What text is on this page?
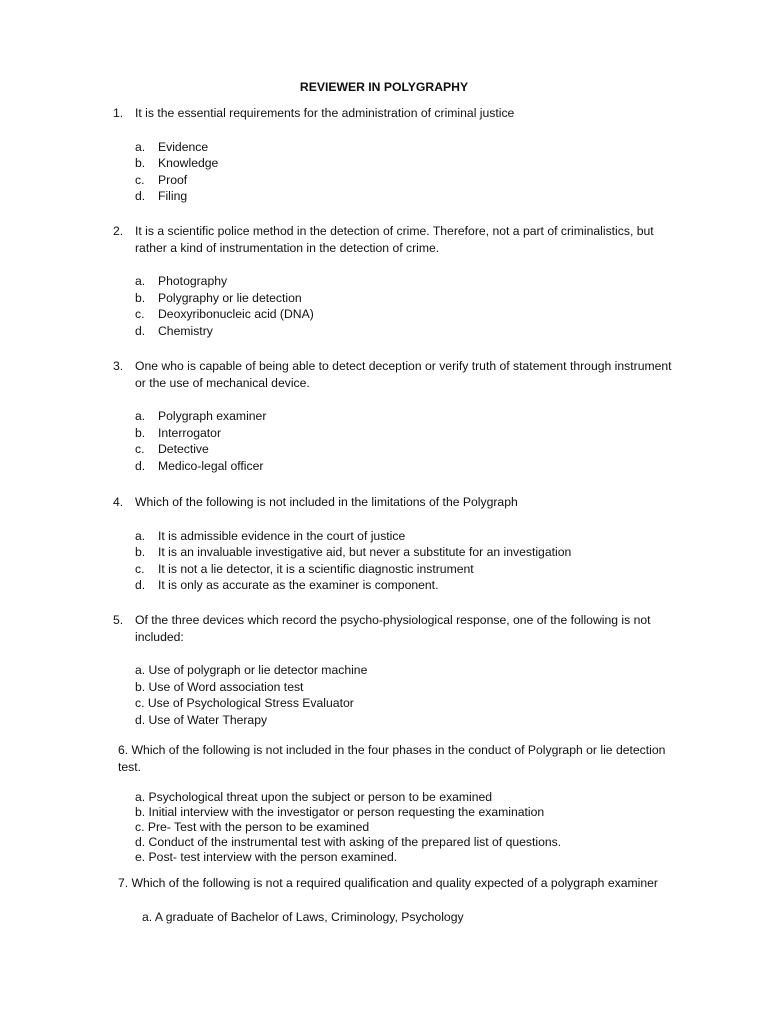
REVIEWER IN POLYGRAPHY
1. It is the essential requirements for the administration of criminal justice
a.	Evidence
b.	Knowledge
c.	Proof
d.	Filing
2. It is a scientific police method in the detection of crime. Therefore, not a part of criminalistics, but rather a kind of instrumentation in the detection of crime.
a.	Photography
b.	Polygraphy or lie detection
c.	Deoxyribonucleic acid (DNA)
d.	Chemistry
3. One who is capable of being able to detect deception or verify truth of statement through instrument or the use of mechanical device.
a.	Polygraph examiner
b.	Interrogator
c.	Detective
d.	Medico-legal officer
4. Which of the following is not included in the limitations of the Polygraph
a.	It is admissible evidence in the court of justice
b.	It is an invaluable investigative aid, but never a substitute for an investigation
c.	It is not a lie detector, it is a scientific diagnostic instrument
d.	It is only as accurate as the examiner is component.
5. Of the three devices which record the psycho-physiological response, one of the following is not included:
a. Use of polygraph or lie detector machine
b. Use of Word association test
c. Use of Psychological Stress Evaluator
d. Use of Water Therapy
6. Which of the following is not included in the four phases in the conduct of Polygraph or lie detection test.
a. Psychological threat upon the subject or person to be examined
b. Initial interview with the investigator or person requesting the examination
c. Pre- Test with the person to be examined
d. Conduct of the instrumental test with asking of the prepared list of questions.
e. Post- test interview with the person examined.
7. Which of the following is not a required qualification and quality expected of a polygraph examiner
a. A graduate of Bachelor of Laws, Criminology, Psychology
